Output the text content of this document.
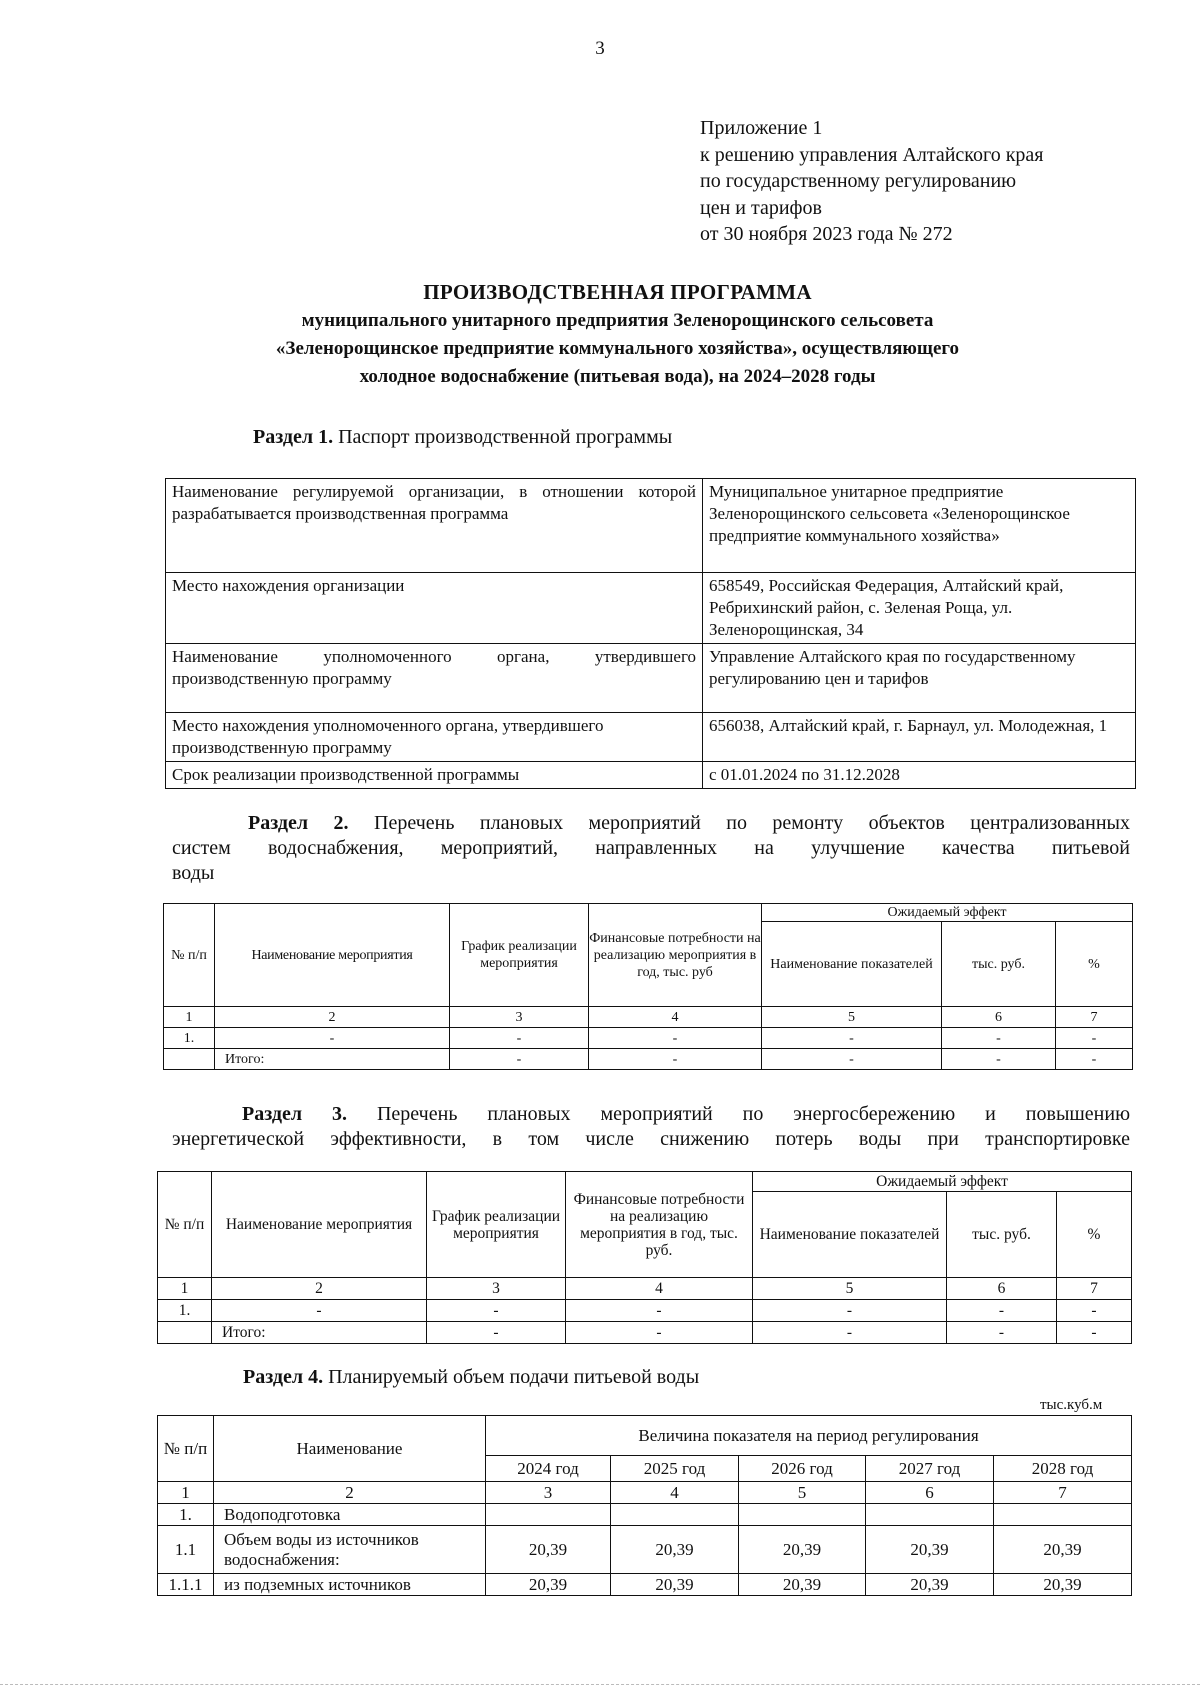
3
Приложение 1
к решению управления Алтайского края
по государственному регулированию
цен и тарифов
от 30 ноября 2023 года № 272
ПРОИЗВОДСТВЕННАЯ ПРОГРАММА
муниципального унитарного предприятия Зеленорощинского сельсовета
«Зеленорощинское предприятие коммунального хозяйства», осуществляющего
холодное водоснабжение (питьевая вода), на 2024–2028 годы
Раздел 1. Паспорт производственной программы
Наименование регулируемой организации, в отношении которой разрабатывается производственная программа	Муниципальное унитарное предприятие Зеленорощинского сельсовета «Зеленорощинское предприятие коммунального хозяйства»
Место нахождения организации	658549, Российская Федерация, Алтайский край, Ребрихинский район, с. Зеленая Роща, ул. Зеленорощинская, 34
Наименование уполномоченного органа, утвердившего производственную программу	Управление Алтайского края по государственному регулированию цен и тарифов
Место нахождения уполномоченного органа, утвердившего производственную программу	656038, Алтайский край, г. Барнаул, ул. Молодежная, 1
Срок реализации производственной программы	с 01.01.2024 по 31.12.2028
Раздел 2. Перечень плановых мероприятий по ремонту объектов централизованных
систем водоснабжения, мероприятий, направленных на улучшение качества питьевой
воды
№ п/п	Наименование мероприятия	График реализации мероприятия	Финансовые потребности на реализацию мероприятия в год, тыс. руб	Ожидаемый эффект		
				Наименование показателей	тыс. руб.	%
1	2	3	4	5	6	7
1.	-	-	-	-	-	-
	Итого:	-	-	-	-	-
Раздел 3. Перечень плановых мероприятий по энергосбережению и повышению
энергетической эффективности, в том числе снижению потерь воды при транспортировке
№ п/п	Наименование мероприятия	График реализации мероприятия	Финансовые потребности на реализацию мероприятия в год, тыс. руб.	Ожидаемый эффект		
				Наименование показателей	тыс. руб.	%
1	2	3	4	5	6	7
1.	-	-	-	-	-	-
	Итого:	-	-	-	-	-
Раздел 4. Планируемый объем подачи питьевой воды
тыс.куб.м
№ п/п	Наименование	Величина показателя на период регулирования				
		2024 год	2025 год	2026 год	2027 год	2028 год
1	2	3	4	5	6	7
1.	Водоподготовка					
1.1	Объем воды из источников водоснабжения:	20,39	20,39	20,39	20,39	20,39
1.1.1	из подземных источников	20,39	20,39	20,39	20,39	20,39
